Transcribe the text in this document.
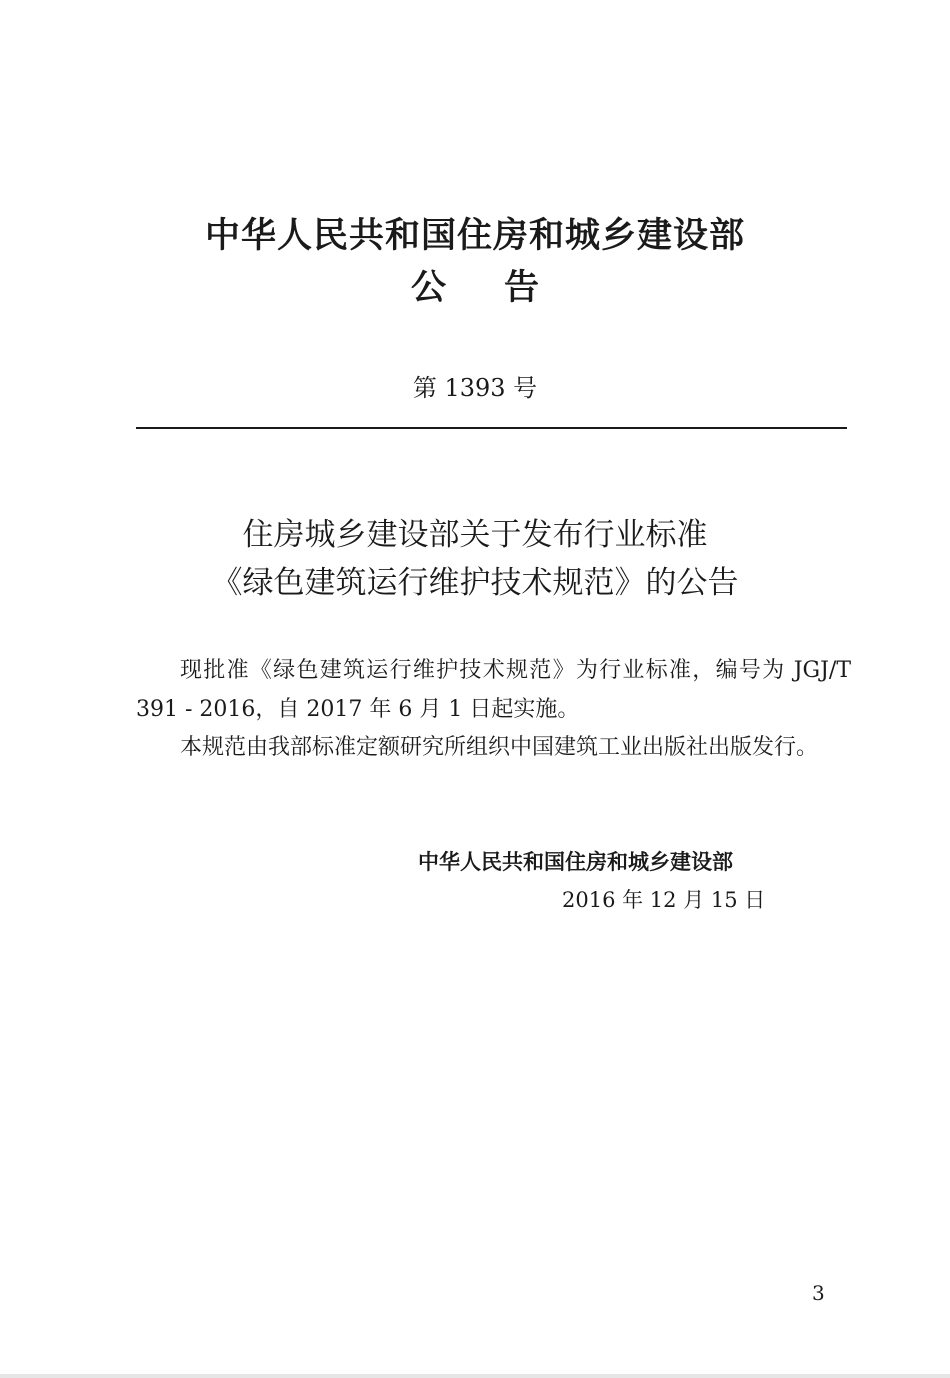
中华人民共和国住房和城乡建设部
公告
第 1393 号
住房城乡建设部关于发布行业标准
《绿色建筑运行维护技术规范》的公告

现批准《绿色建筑运行维护技术规范》为行业标准，编号为 JGJ/T 391 - 2016，自 2017 年 6 月 1 日起实施。

本规范由我部标准定额研究所组织中国建筑工业出版社出版发行。

中华人民共和国住房和城乡建设部
2016 年 12 月 15 日
3
